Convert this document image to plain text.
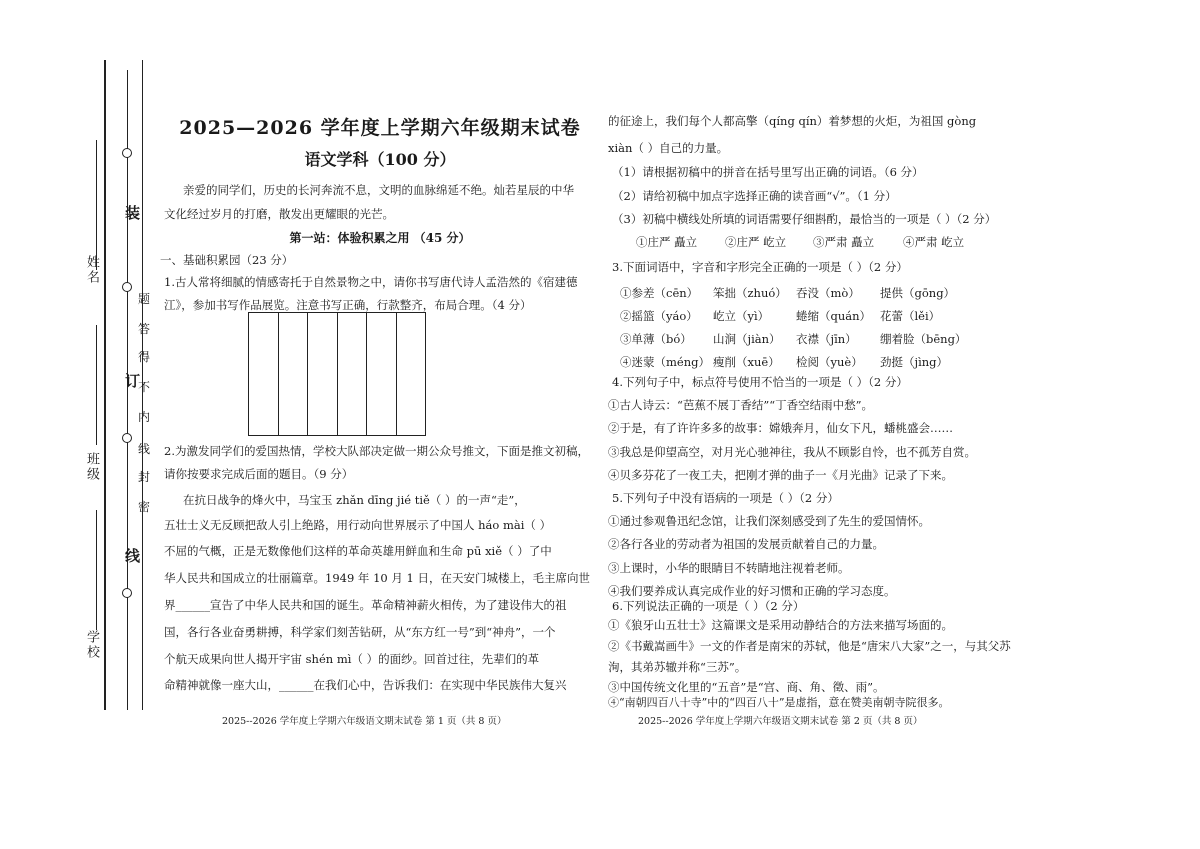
姓名
班级
学校
装
题
答
得
订
不
内
线
封
密
线
2025—2026 学年度上学期六年级期末试卷
语文学科（100 分）
亲爱的同学们，历史的长河奔流不息，文明的血脉绵延不绝。灿若星辰的中华
文化经过岁月的打磨，散发出更耀眼的光芒。
第一站：体验积累之用 （45 分）
一、基础积累园（23 分）
1.古人常将细腻的情感寄托于自然景物之中，请你书写唐代诗人孟浩然的《宿建德
江》，参加书写作品展览。注意书写正确，行款整齐，布局合理。（4 分）
2.为激发同学们的爱国热情，学校大队部决定做一期公众号推文，下面是推文初稿，
请你按要求完成后面的题目。（9 分）
在抗日战争的烽火中，马宝玉 zhǎn dīng jié tiě（ ）的一声“走”，
五壮士义无反顾把敌人引上绝路，用行动向世界展示了中国人 háo mài（ ）
不屈的气概，正是无数像他们这样的革命英雄用鲜血和生命 pū xiě（ ）了中
华人民共和国成立的壮丽篇章。1949 年 10 月 1 日，在天安门城楼上，毛主席向世
界______宣告了中华人民共和国的诞生。革命精神薪火相传，为了建设伟大的祖
国，各行各业奋勇耕搏，科学家们刻苦钻研，从“东方红一号”到“神舟”，一个
个航天成果向世人揭开宇宙 shén mì（ ）的面纱。回首过往，先辈们的革
命精神就像一座大山，______在我们心中，告诉我们：在实现中华民族伟大复兴
2025--2026 学年度上学期六年级语文期末试卷 第 1 页（共 8 页）
的征途上，我们每个人都高擎（qíng qín）着梦想的火炬，为祖国 gòng
xiàn（ ）自己的力量。
（1）请根据初稿中的拼音在括号里写出正确的词语。（6 分）
（2）请给初稿中加点字选择正确的读音画“√”。（1 分）
（3）初稿中横线处所填的词语需要仔细斟酌，最恰当的一项是（ ）（2 分）
①庄严 矗立 ②庄严 屹立 ③严肃 矗立	④严肃 屹立
3.下面词语中，字音和字形完全正确的一项是（ ）（2 分）
①参差（cēn） 笨拙（zhuó） 吞没（mò） 提供（gōng）
②摇篮（yáo） 屹立（yì） 蜷缩（quán） 花蕾（lěi）
③单薄（bó） 山涧（jiàn） 衣襟（jīn） 绷着脸（bēng）
④迷蒙（méng） 瘦削（xuē） 检阅（yuè） 劲挺（jìng）
4.下列句子中，标点符号使用不恰当的一项是（ ）（2 分）
①古人诗云：“芭蕉不展丁香结”“丁香空结雨中愁”。
②于是，有了许许多多的故事：嫦娥奔月，仙女下凡，蟠桃盛会……
③我总是仰望高空，对月光心驰神往，我从不顾影自怜，也不孤芳自赏。
④贝多芬花了一夜工夫，把刚才弹的曲子一《月光曲》记录了下来。
5.下列句子中没有语病的一项是（ ）（2 分）
①通过参观鲁迅纪念馆，让我们深刻感受到了先生的爱国情怀。
②各行各业的劳动者为祖国的发展贡献着自己的力量。
③上课时，小华的眼睛目不转睛地注视着老师。
④我们要养成认真完成作业的好习惯和正确的学习态度。
6.下列说法正确的一项是（ ）（2 分）
①《狼牙山五壮士》这篇课文是采用动静结合的方法来描写场面的。
②《书戴嵩画牛》一文的作者是南宋的苏轼，他是“唐宋八大家”之一，与其父苏
洵，其弟苏辙并称“三苏”。
③中国传统文化里的“五音”是“宫、商、角、徵、雨”。
④“南朝四百八十寺”中的“四百八十”是虚指，意在赞美南朝寺院很多。
2025--2026 学年度上学期六年级语文期末试卷 第 2 页（共 8 页）
